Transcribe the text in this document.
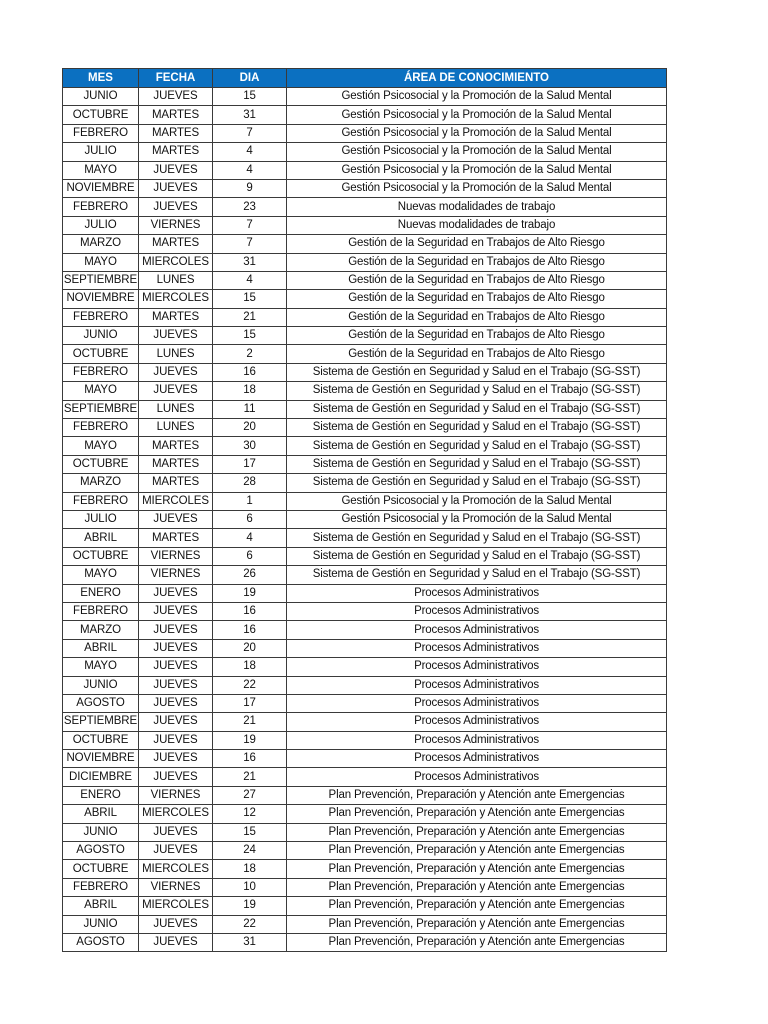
MES	FECHA	DIA	ÁREA DE CONOCIMIENTO
JUNIO	JUEVES	15	Gestión Psicosocial y la Promoción de la Salud Mental
OCTUBRE	MARTES	31	Gestión Psicosocial y la Promoción de la Salud Mental
FEBRERO	MARTES	7	Gestión Psicosocial y la Promoción de la Salud Mental
JULIO	MARTES	4	Gestión Psicosocial y la Promoción de la Salud Mental
MAYO	JUEVES	4	Gestión Psicosocial y la Promoción de la Salud Mental
NOVIEMBRE	JUEVES	9	Gestión Psicosocial y la Promoción de la Salud Mental
FEBRERO	JUEVES	23	Nuevas modalidades de trabajo
JULIO	VIERNES	7	Nuevas modalidades de trabajo
MARZO	MARTES	7	Gestión de la Seguridad en Trabajos de Alto Riesgo
MAYO	MIERCOLES	31	Gestión de la Seguridad en Trabajos de Alto Riesgo
SEPTIEMBRE	LUNES	4	Gestión de la Seguridad en Trabajos de Alto Riesgo
NOVIEMBRE	MIERCOLES	15	Gestión de la Seguridad en Trabajos de Alto Riesgo
FEBRERO	MARTES	21	Gestión de la Seguridad en Trabajos de Alto Riesgo
JUNIO	JUEVES	15	Gestión de la Seguridad en Trabajos de Alto Riesgo
OCTUBRE	LUNES	2	Gestión de la Seguridad en Trabajos de Alto Riesgo
FEBRERO	JUEVES	16	Sistema de Gestión en Seguridad y Salud en el Trabajo (SG-SST)
MAYO	JUEVES	18	Sistema de Gestión en Seguridad y Salud en el Trabajo (SG-SST)
SEPTIEMBRE	LUNES	11	Sistema de Gestión en Seguridad y Salud en el Trabajo (SG-SST)
FEBRERO	LUNES	20	Sistema de Gestión en Seguridad y Salud en el Trabajo (SG-SST)
MAYO	MARTES	30	Sistema de Gestión en Seguridad y Salud en el Trabajo (SG-SST)
OCTUBRE	MARTES	17	Sistema de Gestión en Seguridad y Salud en el Trabajo (SG-SST)
MARZO	MARTES	28	Sistema de Gestión en Seguridad y Salud en el Trabajo (SG-SST)
FEBRERO	MIERCOLES	1	Gestión Psicosocial y la Promoción de la Salud Mental
JULIO	JUEVES	6	Gestión Psicosocial y la Promoción de la Salud Mental
ABRIL	MARTES	4	Sistema de Gestión en Seguridad y Salud en el Trabajo (SG-SST)
OCTUBRE	VIERNES	6	Sistema de Gestión en Seguridad y Salud en el Trabajo (SG-SST)
MAYO	VIERNES	26	Sistema de Gestión en Seguridad y Salud en el Trabajo (SG-SST)
ENERO	JUEVES	19	Procesos Administrativos
FEBRERO	JUEVES	16	Procesos Administrativos
MARZO	JUEVES	16	Procesos Administrativos
ABRIL	JUEVES	20	Procesos Administrativos
MAYO	JUEVES	18	Procesos Administrativos
JUNIO	JUEVES	22	Procesos Administrativos
AGOSTO	JUEVES	17	Procesos Administrativos
SEPTIEMBRE	JUEVES	21	Procesos Administrativos
OCTUBRE	JUEVES	19	Procesos Administrativos
NOVIEMBRE	JUEVES	16	Procesos Administrativos
DICIEMBRE	JUEVES	21	Procesos Administrativos
ENERO	VIERNES	27	Plan Prevención, Preparación y Atención ante Emergencias
ABRIL	MIERCOLES	12	Plan Prevención, Preparación y Atención ante Emergencias
JUNIO	JUEVES	15	Plan Prevención, Preparación y Atención ante Emergencias
AGOSTO	JUEVES	24	Plan Prevención, Preparación y Atención ante Emergencias
OCTUBRE	MIERCOLES	18	Plan Prevención, Preparación y Atención ante Emergencias
FEBRERO	VIERNES	10	Plan Prevención, Preparación y Atención ante Emergencias
ABRIL	MIERCOLES	19	Plan Prevención, Preparación y Atención ante Emergencias
JUNIO	JUEVES	22	Plan Prevención, Preparación y Atención ante Emergencias
AGOSTO	JUEVES	31	Plan Prevención, Preparación y Atención ante Emergencias
